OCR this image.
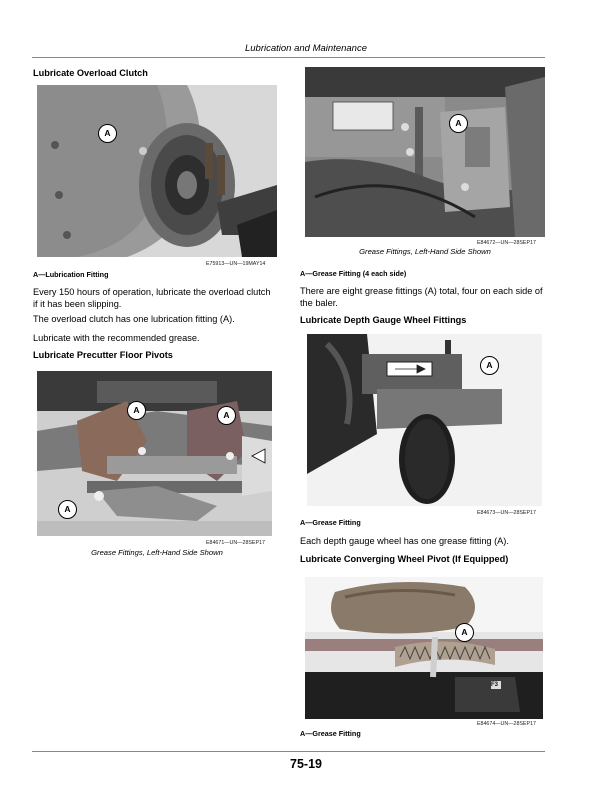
Lubrication and Maintenance
Lubricate Overload Clutch
A
E75913—UN—19MAY14
A—Lubrication Fitting
Every 150 hours of operation, lubricate the overload clutch if it has been slipping.
The overload clutch has one lubrication fitting (A).
Lubricate with the recommended grease.
Lubricate Precutter Floor Pivots
A	A
A
E84671—UN—28SEP17
Grease Fittings, Left-Hand Side Shown
A
E84672—UN—28SEP17
Grease Fittings, Left-Hand Side Shown
A—Grease Fitting (4 each side)
There are eight grease fittings (A) total, four on each side of the baler.
Lubricate Depth Gauge Wheel Fittings
A
E84673—UN—28SEP17
A—Grease Fitting
Each depth gauge wheel has one grease fitting (A).
Lubricate Converging Wheel Pivot (If Equipped)
A
F3
E84674—UN—28SEP17
A—Grease Fitting
75-19
